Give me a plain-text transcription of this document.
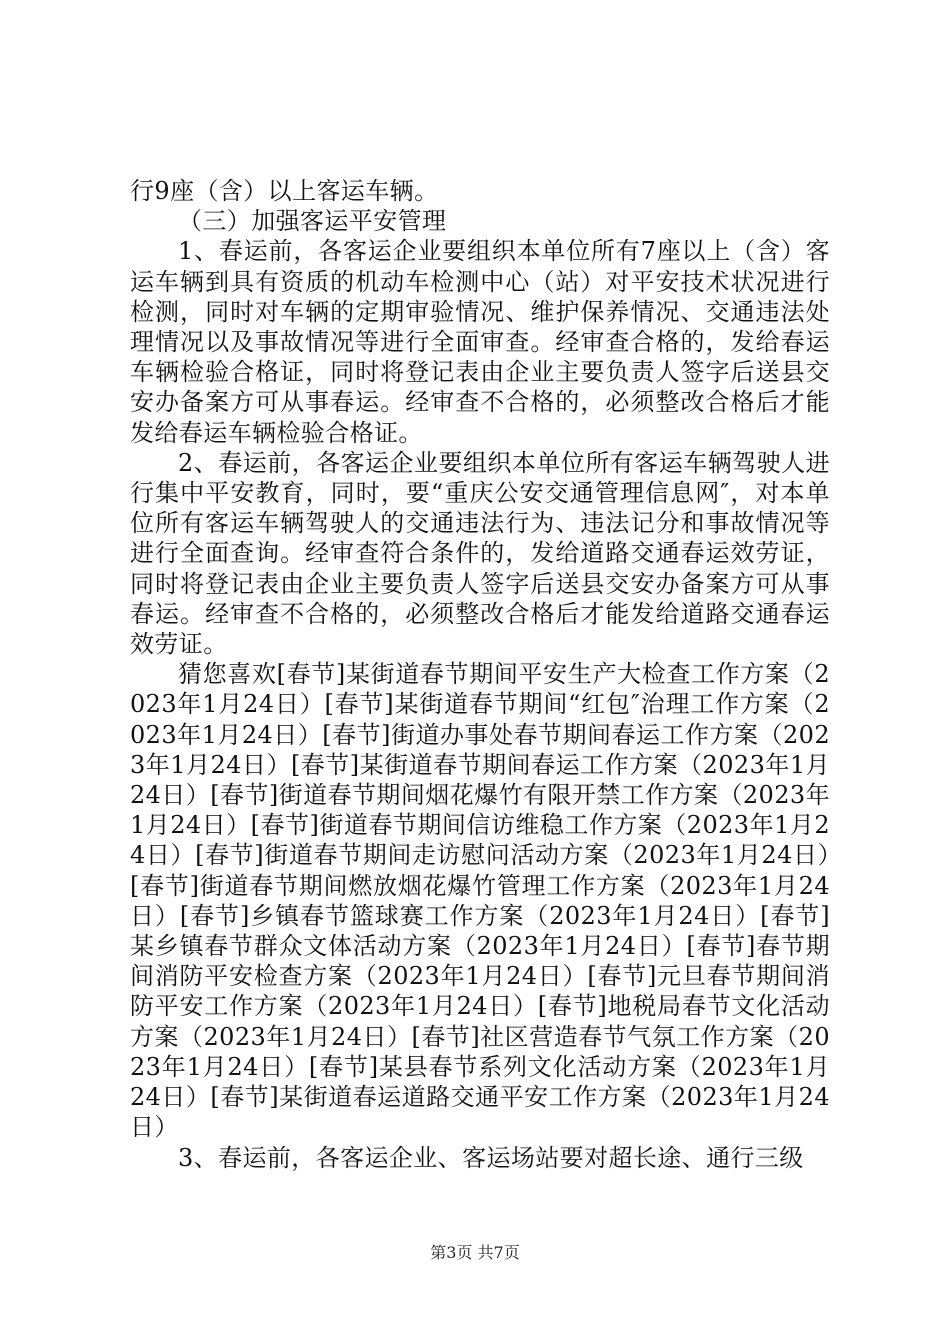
行9座（含）以上客运车辆。

（三）加强客运平安管理

1、春运前，各客运企业要组织本单位所有7座以上（含）客运车辆到具有资质的机动车检测中心（站）对平安技术状况进行检测，同时对车辆的定期审验情况、维护保养情况、交通违法处理情况以及事故情况等进行全面审查。经审查合格的，发给春运车辆检验合格证，同时将登记表由企业主要负责人签字后送县交安办备案方可从事春运。经审查不合格的，必须整改合格后才能发给春运车辆检验合格证。

2、春运前，各客运企业要组织本单位所有客运车辆驾驶人进行集中平安教育，同时，要“重庆公安交通管理信息网″，对本单位所有客运车辆驾驶人的交通违法行为、违法记分和事故情况等进行全面查询。经审查符合条件的，发给道路交通春运效劳证，同时将登记表由企业主要负责人签字后送县交安办备案方可从事春运。经审查不合格的，必须整改合格后才能发给道路交通春运效劳证。

猜您喜欢[春节]某街道春节期间平安生产大检查工作方案（2023年1月24日）[春节]某街道春节期间“红包″治理工作方案（2023年1月24日）[春节]街道办事处春节期间春运工作方案（2023年1月24日）[春节]某街道春节期间春运工作方案（2023年1月24日）[春节]街道春节期间烟花爆竹有限开禁工作方案（2023年1月24日）[春节]街道春节期间信访维稳工作方案（2023年1月24日）[春节]街道春节期间走访慰问活动方案（2023年1月24日）[春节]街道春节期间燃放烟花爆竹管理工作方案（2023年1月24日）[春节]乡镇春节篮球赛工作方案（2023年1月24日）[春节]某乡镇春节群众文体活动方案（2023年1月24日）[春节]春节期间消防平安检查方案（2023年1月24日）[春节]元旦春节期间消防平安工作方案（2023年1月24日）[春节]地税局春节文化活动方案（2023年1月24日）[春节]社区营造春节气氛工作方案（2023年1月24日）[春节]某县春节系列文化活动方案（2023年1月24日）[春节]某街道春运道路交通平安工作方案（2023年1月24日）

3、春运前，各客运企业、客运场站要对超长途、通行三级

第3页 共7页
